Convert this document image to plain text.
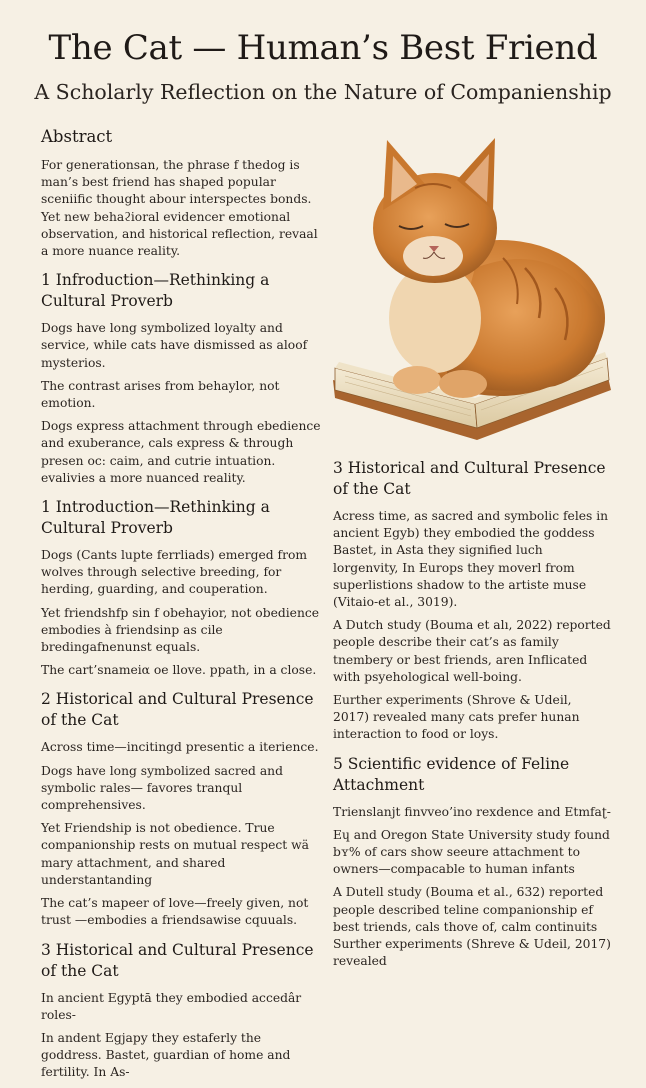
The Cat — Human’s Best Friend
A Scholarly Reflection on the Nature of Companienship
Abstract

For generationsan, the phrase f thedog is man’s best friend has shaped popular sceniific thought abour interspectes bonds. Yet new behaϩioral evidencer emotional observation, and historical reflection, revaal a more nuance reality.

1 Infroduction—Rethinking a Cultural Proverb

Dogs have long symbolized loyalty and service, while cats have dismissed as aloof mysterios.

The contrast arises from behaylor, not emotion.

Dogs express attachment through ebedience and exuberance, cals express & through presen oc: caim, and cutrie intuation. evalivies a more nuanced reality.

1 Introduction—Rethinking a Cultural Proverb

Dogs (Cants lupte ferrliads) emerged from wolves through selective breeding, for herding, guarding, and couperation.

Yet friendshfp sin f obehayior, not obedience embodies à friendsinp as cile bredingafnenunst equals.

The cart’snameiα oe llove. ppath, in a close.

2 Historical and Cultural Presence of the Cat

Across time—incitingd presentic a iterience.

Dogs have long symbolized sacred and symbolic rales— favores tranqul comprehensives.

Yet Friendship is not obedience. True companionship rests on mutual respect wӓ mary attachment, and shared understantanding

The cat’s mapeer of love—freely given, not trust —embodies a friendsawise cquuals.

3 Historical and Cultural Presence of the Cat

In ancient Egyptā they embodied accedâr roles-

In andent Egjapy they estaferly the goddress. Bastet, guardian of home and fertility. In As-

3 Historical and Cultural Presence of the Cat

Acress time, as sacred and symbolic feles in ancient Egyb) they embodied the goddess Bastet, in Asta they signified luch lorgenvity, In Europs they moverl from superlistions shadow to the artiste muse (Vitaio-et al., 3019).

A Dutch study (Bouma et alı, 2022) reported people describe their cat’s as family tnembery or best friends, aren Inflicated with psyehological well-boing.

Eurther experiments (Shrove & Udeil, 2017) revealed many cats prefer hunan interaction to food or loys.

5 Scientific evidence of Feline Attachment

Trienslanjt finvveo’ino rexdence and Etmfaʈ-

Eɥ and Oregon State University study found bʏ% of cars show seeure attachment to owners—compacable to human infants

A Dutell study (Bouma et al., 632) reported people described teline companionship ef best triends, cals thove of, calm continuits Surther experiments (Shreve & Udeil, 2017) revealed
